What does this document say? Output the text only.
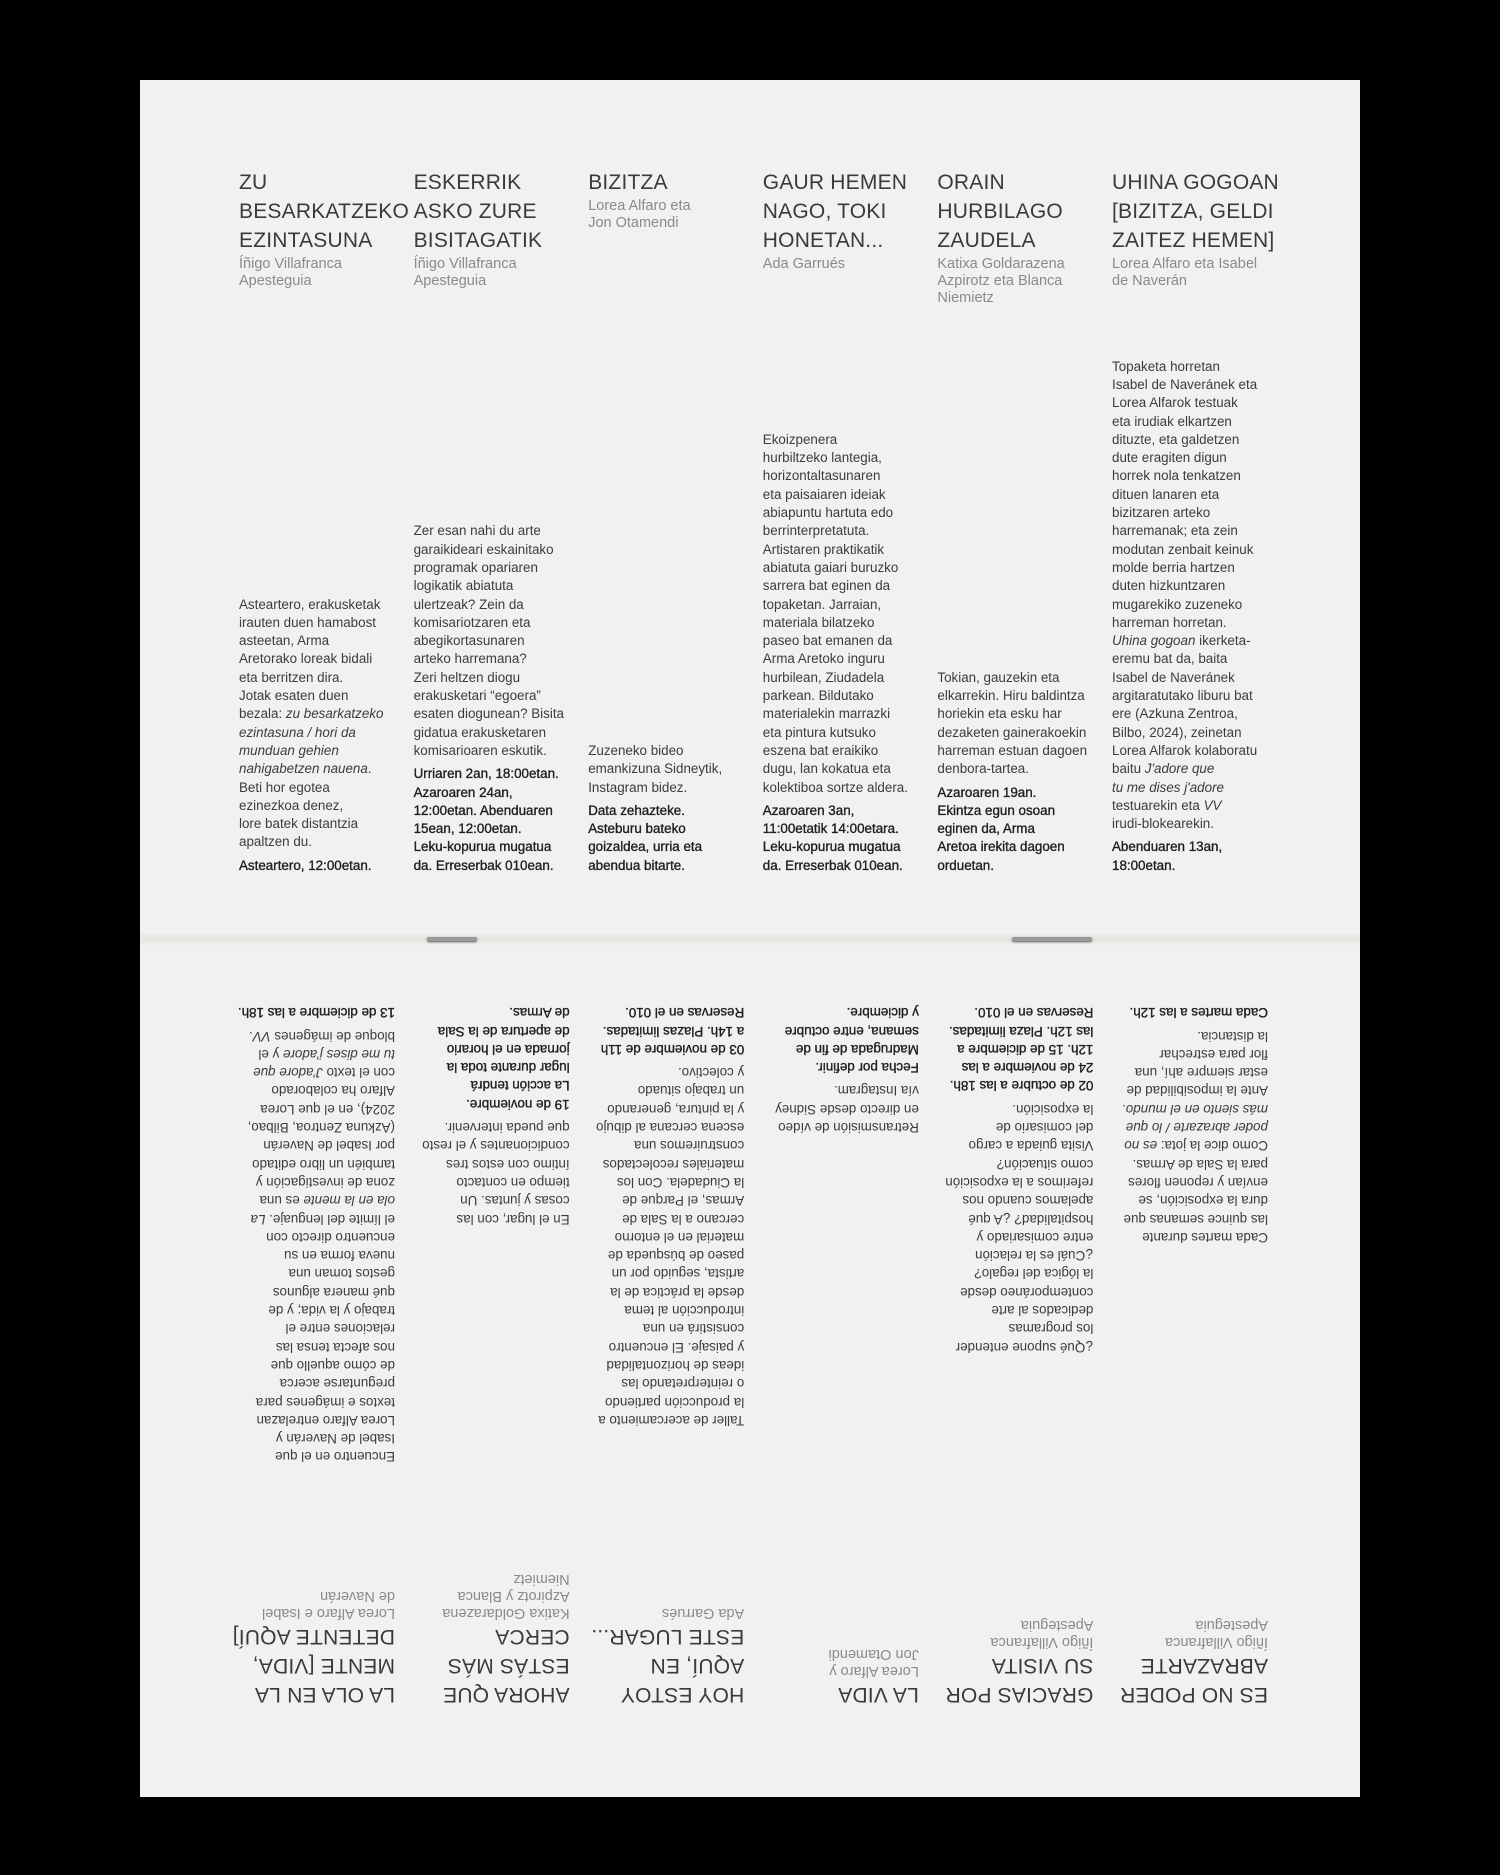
ZU
BESARKATZEKO
EZINTASUNA
Íñigo Villafranca
Apesteguia
Asteartero, erakusketak
irauten duen hamabost
asteetan, Arma
Aretorako loreak bidali
eta berritzen dira.
Jotak esaten duen
bezala: zu besarkatzeko
ezintasuna / hori da
munduan gehien
nahigabetzen nauena.
Beti hor egotea
ezinezkoa denez,
lore batek distantzia
apaltzen du.
Asteartero, 12:00etan.
ESKERRIK
ASKO ZURE
BISITAGATIK
Íñigo Villafranca
Apesteguia
Zer esan nahi du arte
garaikideari eskainitako
programak opariaren
logikatik abiatuta
ulertzeak? Zein da
komisariotzaren eta
abegikortasunaren
arteko harremana?
Zeri heltzen diogu
erakusketari “egoera”
esaten diogunean? Bisita
gidatua erakusketaren
komisarioaren eskutik.
Urriaren 2an, 18:00etan.
Azaroaren 24an,
12:00etan. Abenduaren
15ean, 12:00etan.
Leku-kopurua mugatua
da. Erreserbak 010ean.
BIZITZA
Lorea Alfaro eta
Jon Otamendi
Zuzeneko bideo
emankizuna Sidneytik,
Instagram bidez.
Data zehazteke.
Asteburu bateko
goizaldea, urria eta
abendua bitarte.
GAUR HEMEN
NAGO, TOKI
HONETAN...
Ada Garrués
Ekoizpenera
hurbiltzeko lantegia,
horizontaltasunaren
eta paisaiaren ideiak
abiapuntu hartuta edo
berrinterpretatuta.
Artistaren praktikatik
abiatuta gaiari buruzko
sarrera bat eginen da
topaketan. Jarraian,
materiala bilatzeko
paseo bat emanen da
Arma Aretoko inguru
hurbilean, Ziudadela
parkean. Bildutako
materialekin marrazki
eta pintura kutsuko
eszena bat eraikiko
dugu, lan kokatua eta
kolektiboa sortze aldera.
Azaroaren 3an,
11:00etatik 14:00etara.
Leku-kopurua mugatua
da. Erreserbak 010ean.
ORAIN
HURBILAGO
ZAUDELA
Katixa Goldarazena
Azpirotz eta Blanca
Niemietz
Tokian, gauzekin eta
elkarrekin. Hiru baldintza
horiekin eta esku har
dezaketen gainerakoekin
harreman estuan dagoen
denbora-tartea.
Azaroaren 19an.
Ekintza egun osoan
eginen da, Arma
Aretoa irekita dagoen
orduetan.
UHINA GOGOAN
[BIZITZA, GELDI
ZAITEZ HEMEN]
Lorea Alfaro eta Isabel
de Naverán
Topaketa horretan
Isabel de Naveránek eta
Lorea Alfarok testuak
eta irudiak elkartzen
dituzte, eta galdetzen
dute eragiten digun
horrek nola tenkatzen
dituen lanaren eta
bizitzaren arteko
harremanak; eta zein
modutan zenbait keinuk
molde berria hartzen
duten hizkuntzaren
mugarekiko zuzeneko
harreman horretan.
Uhina gogoan ikerketa-
eremu bat da, baita
Isabel de Naveránek
argitaratutako liburu bat
ere (Azkuna Zentroa,
Bilbo, 2024), zeinetan
Lorea Alfarok kolaboratu
baitu J'adore que
tu me dises j'adore
testuarekin eta VV
irudi-blokearekin.
Abenduaren 13an,
18:00etan.
ES NO PODER
ABRAZARTE
Íñigo Villafranca
Apesteguia
Cada martes durante
las quince semanas que
dura la exposición, se
envían y reponen flores
para la Sala de Armas.
Como dice la jota: es no
poder abrazarte / lo que
más siento en el mundo.
Ante la imposibilidad de
estar siempre ahí, una
flor para estrechar
la distancia.
Cada martes a las 12h.
GRACIAS POR
SU VISITA
Íñigo Villafranca
Apesteguia
¿Qué supone entender
los programas
dedicados al arte
contemporáneo desde
la lógica del regalo?
¿Cuál es la relación
entre comisariado y
hospitalidad? ¿A qué
apelamos cuando nos
referimos a la exposición
como situación?
Visita guiada a cargo
del comisario de
la exposición.
02 de octubre a las 18h.
24 de noviembre a las
12h. 15 de diciembre a
las 12h. Plaza limitadas.
Reservas en el 010.
LA VIDA
Lorea Alfaro y
Jon Otamendi
Retransmisión de vídeo
en directo desde Sidney
vía Instagram.
Fecha por definir.
Madrugada de fin de
semana, entre octubre
y diciembre.
HOY ESTOY
AQUÍ, EN
ESTE LUGAR...
Ada Garrués
Taller de acercamiento a
la producción partiendo
o reinterpretando las
ideas de horizontalidad
y paisaje. El encuentro
consistirá en una
introducción al tema
desde la práctica de la
artista, seguido por un
paseo de búsqueda de
material en el entorno
cercano a la Sala de
Armas, el Parque de
la Ciudadela. Con los
materiales recolectados
construiremos una
escena cercana al dibujo
y la pintura, generando
un trabajo situado
y colectivo.
03 de noviembre de 11h
a 14h. Plazas limitadas.
Reservas en el 010.
AHORA QUE
ESTÁS MÁS
CERCA
Katixa Goldarazena
Azpirotz y Blanca
Niemietz
En el lugar, con las
cosas y juntas. Un
tiempo en contacto
íntimo con estos tres
condicionantes y el resto
que pueda intervenir.
19 de noviembre.
La acción tendrá
lugar durante toda la
jornada en el horario
de apertura de la Sala
de Armas.
LA OLA EN LA
MENTE [VIDA,
DETENTE AQUÍ]
Lorea Alfaro e Isabel
de Naverán
Encuentro en el que
Isabel de Naverán y
Lorea Alfaro entrelazan
textos e imágenes para
preguntarse acerca
de cómo aquello que
nos afecta tensa las
relaciones entre el
trabajo y la vida; y de
qué manera algunos
gestos toman una
nueva forma en su
encuentro directo con
el límite del lenguaje. La
ola en la mente es una
zona de investigación y
también un libro editado
por Isabel de Naverán
(Azkuna Zentroa, Bilbao,
2024), en el que Lorea
Alfaro ha colaborado
con el texto J'adore que
tu me dises j'adore y el
bloque de imágenes VV.
13 de diciembre a las 18h.
